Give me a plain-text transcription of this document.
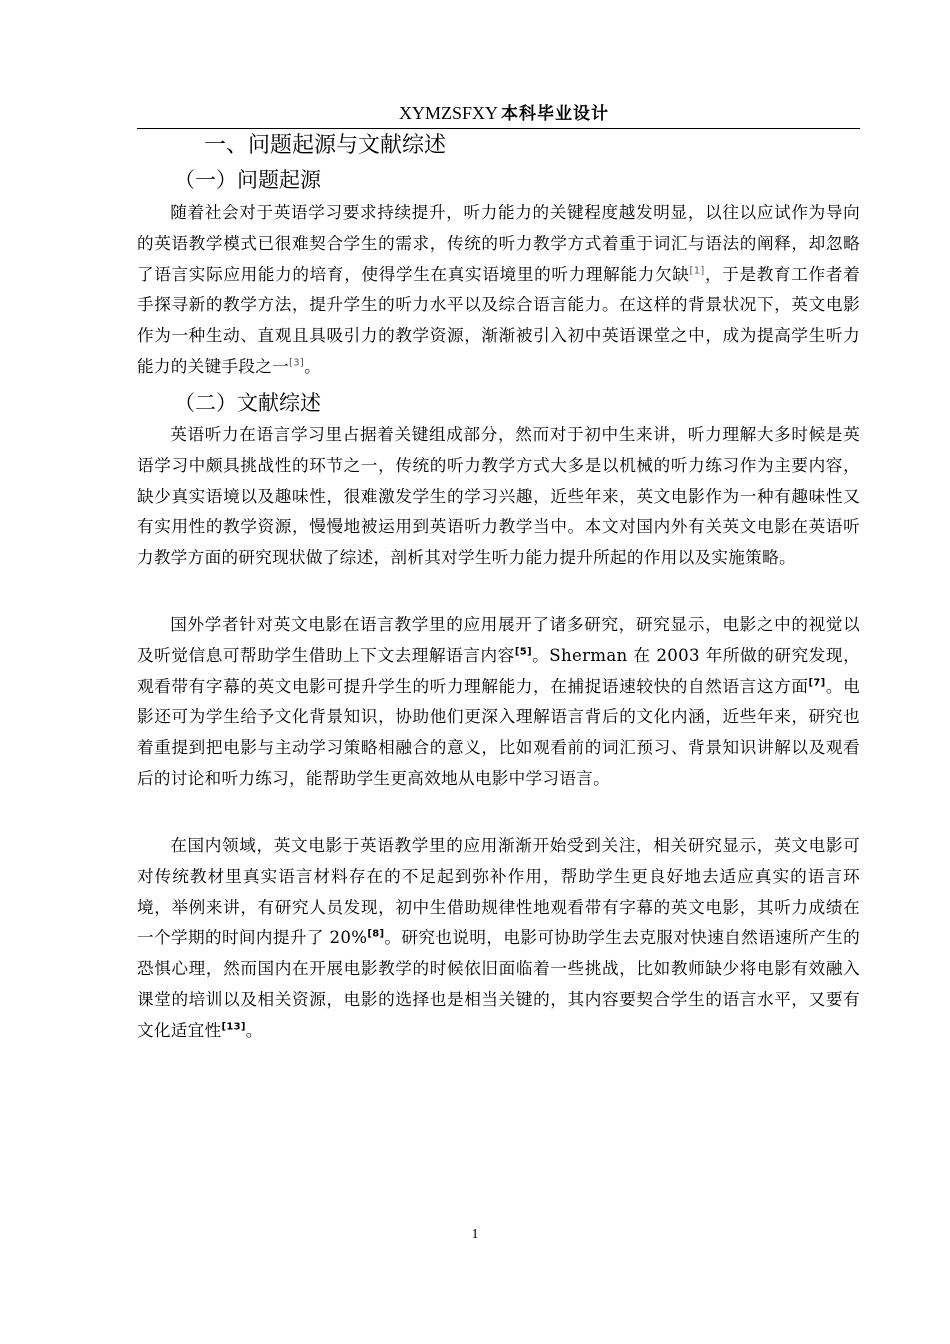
XYMZSFXY 本科毕业设计
一、问题起源与文献综述
（一）问题起源

随着社会对于英语学习要求持续提升，听力能力的关键程度越发明显，以往以应试作为导向的英语教学模式已很难契合学生的需求，传统的听力教学方式着重于词汇与语法的阐释，却忽略了语言实际应用能力的培育，使得学生在真实语境里的听力理解能力欠缺[1]，于是教育工作者着手探寻新的教学方法，提升学生的听力水平以及综合语言能力。在这样的背景状况下，英文电影作为一种生动、直观且具吸引力的教学资源，渐渐被引入初中英语课堂之中，成为提高学生听力能力的关键手段之一[3]。

（二）文献综述

英语听力在语言学习里占据着关键组成部分，然而对于初中生来讲，听力理解大多时候是英语学习中颇具挑战性的环节之一，传统的听力教学方式大多是以机械的听力练习作为主要内容，缺少真实语境以及趣味性，很难激发学生的学习兴趣，近些年来，英文电影作为一种有趣味性又有实用性的教学资源，慢慢地被运用到英语听力教学当中。本文对国内外有关英文电影在英语听力教学方面的研究现状做了综述，剖析其对学生听力能力提升所起的作用以及实施策略。

国外学者针对英文电影在语言教学里的应用展开了诸多研究，研究显示，电影之中的视觉以及听觉信息可帮助学生借助上下文去理解语言内容[5]。Sherman 在 2003 年所做的研究发现，观看带有字幕的英文电影可提升学生的听力理解能力，在捕捉语速较快的自然语言这方面[7]。电影还可为学生给予文化背景知识，协助他们更深入理解语言背后的文化内涵，近些年来，研究也着重提到把电影与主动学习策略相融合的意义，比如观看前的词汇预习、背景知识讲解以及观看后的讨论和听力练习，能帮助学生更高效地从电影中学习语言。

在国内领域，英文电影于英语教学里的应用渐渐开始受到关注，相关研究显示，英文电影可对传统教材里真实语言材料存在的不足起到弥补作用，帮助学生更良好地去适应真实的语言环境，举例来讲，有研究人员发现，初中生借助规律性地观看带有字幕的英文电影，其听力成绩在一个学期的时间内提升了 20%[8]。研究也说明，电影可协助学生去克服对快速自然语速所产生的恐惧心理，然而国内在开展电影教学的时候依旧面临着一些挑战，比如教师缺少将电影有效融入课堂的培训以及相关资源，电影的选择也是相当关键的，其内容要契合学生的语言水平，又要有文化适宜性[13]。

1
